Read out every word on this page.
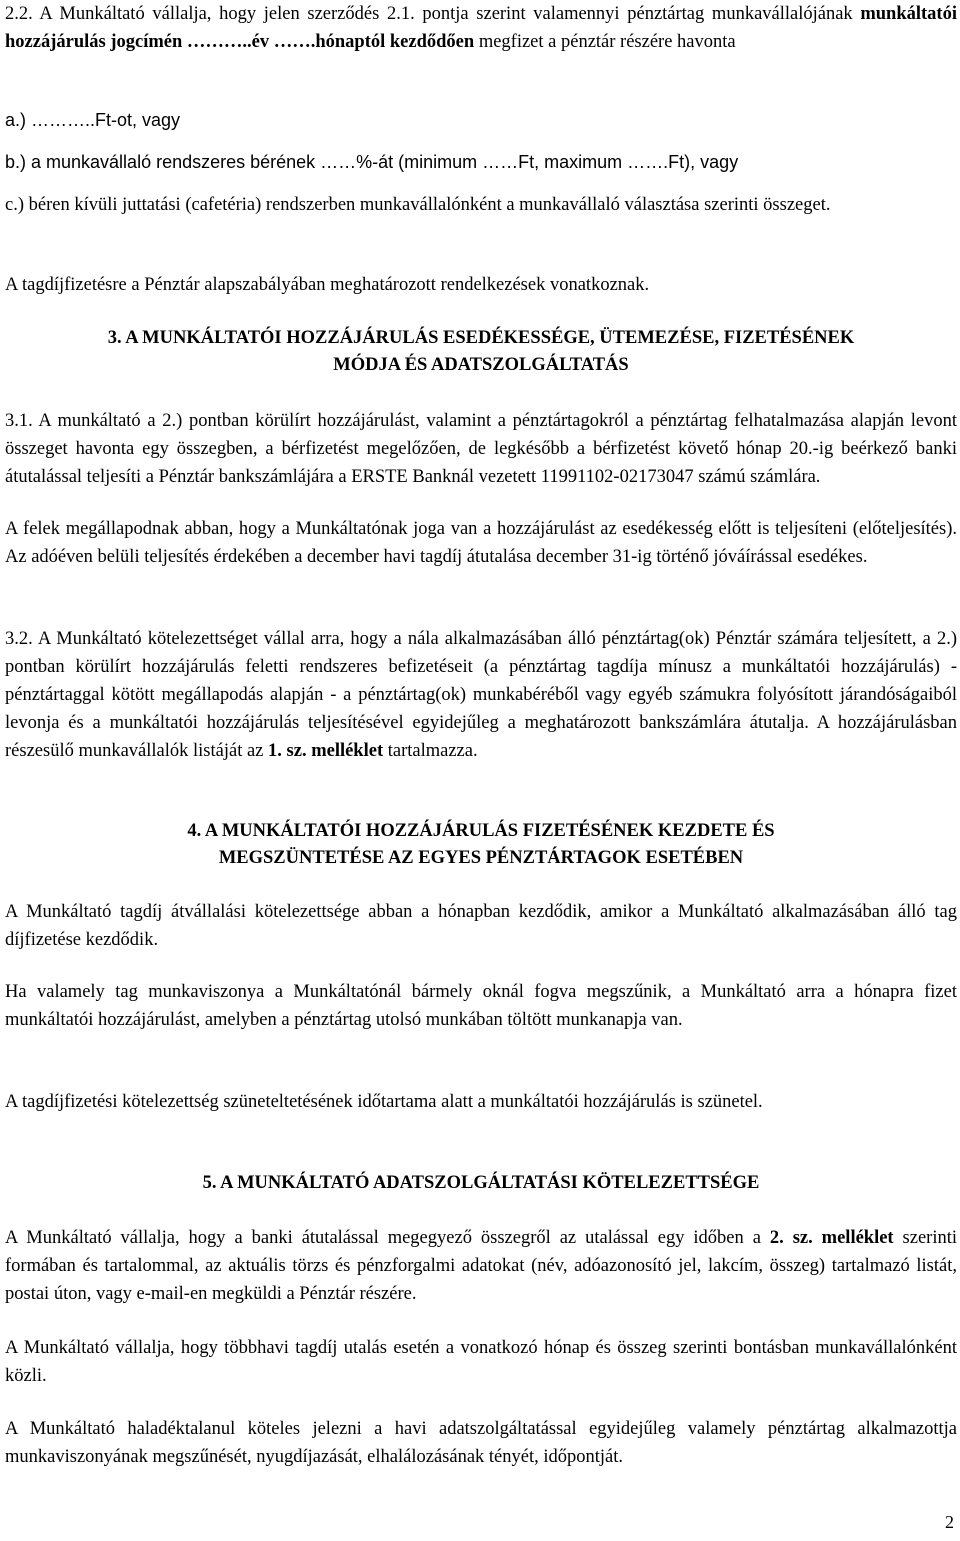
2.2. A Munkáltató vállalja, hogy jelen szerződés 2.1. pontja szerint valamennyi pénztártag munkavállalójának munkáltatói hozzájárulás jogcímén ………..év …….hónaptól kezdődően megfizet a pénztár részére havonta

a.) ………..Ft-ot, vagy

b.) a munkavállaló rendszeres bérének ……%-át (minimum ……Ft, maximum …….Ft), vagy

c.) béren kívüli juttatási (cafetéria) rendszerben munkavállalónként a munkavállaló választása szerinti összeget.

A tagdíjfizetésre a Pénztár alapszabályában meghatározott rendelkezések vonatkoznak.

3. A MUNKÁLTATÓI HOZZÁJÁRULÁS ESEDÉKESSÉGE, ÜTEMEZÉSE, FIZETÉSÉNEK
MÓDJA ÉS ADATSZOLGÁLTATÁS

3.1. A munkáltató a 2.) pontban körülírt hozzájárulást, valamint a pénztártagokról a pénztártag felhatalmazása alapján levont összeget havonta egy összegben, a bérfizetést megelőzően, de legkésőbb a bérfizetést követő hónap 20.-ig beérkező banki átutalással teljesíti a Pénztár bankszámlájára a ERSTE Banknál vezetett 11991102-02173047 számú számlára.

A felek megállapodnak abban, hogy a Munkáltatónak joga van a hozzájárulást az esedékesség előtt is teljesíteni (előteljesítés). Az adóéven belüli teljesítés érdekében a december havi tagdíj átutalása december 31-ig történő jóváírással esedékes.

3.2. A Munkáltató kötelezettséget vállal arra, hogy a nála alkalmazásában álló pénztártag(ok) Pénztár számára teljesített, a 2.) pontban körülírt hozzájárulás feletti rendszeres befizetéseit (a pénztártag tagdíja mínusz a munkáltatói hozzájárulás) - pénztártaggal kötött megállapodás alapján - a pénztártag(ok) munkabéréből vagy egyéb számukra folyósított járandóságaiból levonja és a munkáltatói hozzájárulás teljesítésével egyidejűleg a meghatározott bankszámlára átutalja. A hozzájárulásban részesülő munkavállalók listáját az 1. sz. melléklet tartalmazza.

4. A MUNKÁLTATÓI HOZZÁJÁRULÁS FIZETÉSÉNEK KEZDETE ÉS
MEGSZÜNTETÉSE AZ EGYES PÉNZTÁRTAGOK ESETÉBEN

A Munkáltató tagdíj átvállalási kötelezettsége abban a hónapban kezdődik, amikor a Munkáltató alkalmazásában álló tag díjfizetése kezdődik.

Ha valamely tag munkaviszonya a Munkáltatónál bármely oknál fogva megszűnik, a Munkáltató arra a hónapra fizet munkáltatói hozzájárulást, amelyben a pénztártag utolsó munkában töltött munkanapja van.

A tagdíjfizetési kötelezettség szüneteltetésének időtartama alatt a munkáltatói hozzájárulás is szünetel.

5. A MUNKÁLTATÓ ADATSZOLGÁLTATÁSI KÖTELEZETTSÉGE

A Munkáltató vállalja, hogy a banki átutalással megegyező összegről az utalással egy időben a 2. sz. melléklet szerinti formában és tartalommal, az aktuális törzs és pénzforgalmi adatokat (név, adóazonosító jel, lakcím, összeg) tartalmazó listát, postai úton, vagy e-mail-en megküldi a Pénztár részére.

A Munkáltató vállalja, hogy többhavi tagdíj utalás esetén a vonatkozó hónap és összeg szerinti bontásban munkavállalónként közli.

A Munkáltató haladéktalanul köteles jelezni a havi adatszolgáltatással egyidejűleg valamely pénztártag alkalmazottja munkaviszonyának megszűnését, nyugdíjazását, elhalálozásának tényét, időpontját.

2
